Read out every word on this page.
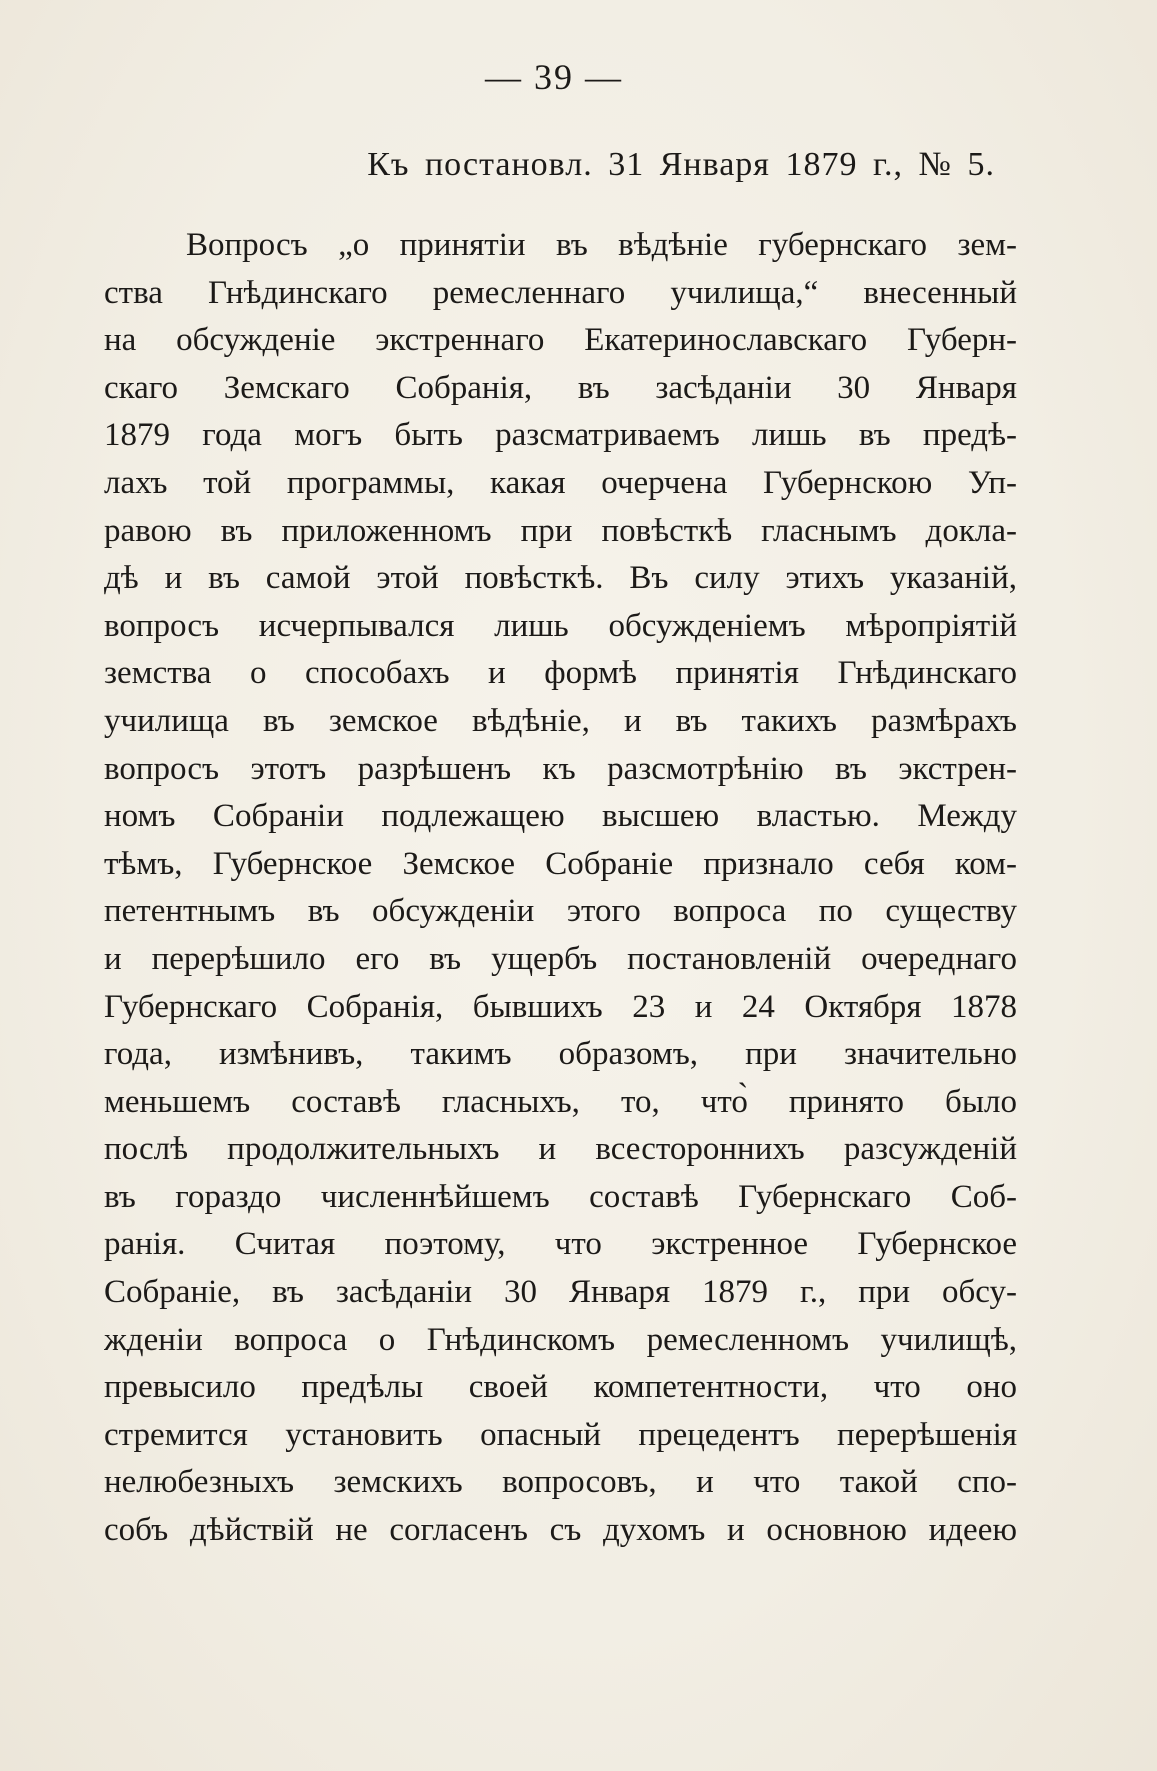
— 39 —
Къ постановл. 31 Января 1879 г., № 5.
Вопросъ „о принятіи въ вѣдѣніе губернскаго зем-
ства Гнѣдинскаго ремесленнаго училища,“ внесенный
на обсужденіе экстреннаго Екатеринославскаго Губерн-
скаго Земскаго Собранія, въ засѣданіи 30 Января
1879 года могъ быть разсматриваемъ лишь въ предѣ-
лахъ той программы, какая очерчена Губернскою Уп-
равою въ приложенномъ при повѣсткѣ гласнымъ докла-
дѣ и въ самой этой повѣсткѣ. Въ силу этихъ указаній,
вопросъ исчерпывался лишь обсужденіемъ мѣропріятій
земства о способахъ и формѣ принятія Гнѣдинскаго
училища въ земское вѣдѣніе, и въ такихъ размѣрахъ
вопросъ этотъ разрѣшенъ къ разсмотрѣнію въ экстрен-
номъ Собраніи подлежащею высшею властью. Между
тѣмъ, Губернское Земское Собраніе признало себя ком-
петентнымъ въ обсужденіи этого вопроса по существу
и перерѣшило его въ ущербъ постановленій очереднаго
Губернскаго Собранія, бывшихъ 23 и 24 Октября 1878
года, измѣнивъ, такимъ образомъ, при значительно
меньшемъ составѣ гласныхъ, то, что̀ принято было
послѣ продолжительныхъ и всестороннихъ разсужденій
въ гораздо численнѣйшемъ составѣ Губернскаго Соб-
ранія. Считая поэтому, что экстренное Губернское
Собраніе, въ засѣданіи 30 Января 1879 г., при обсу-
жденіи вопроса о Гнѣдинскомъ ремесленномъ училищѣ,
превысило предѣлы своей компетентности, что оно
стремится установить опасный прецедентъ перерѣшенія
нелюбезныхъ земскихъ вопросовъ, и что такой спо-
собъ дѣйствій не согласенъ съ духомъ и основною идеею
